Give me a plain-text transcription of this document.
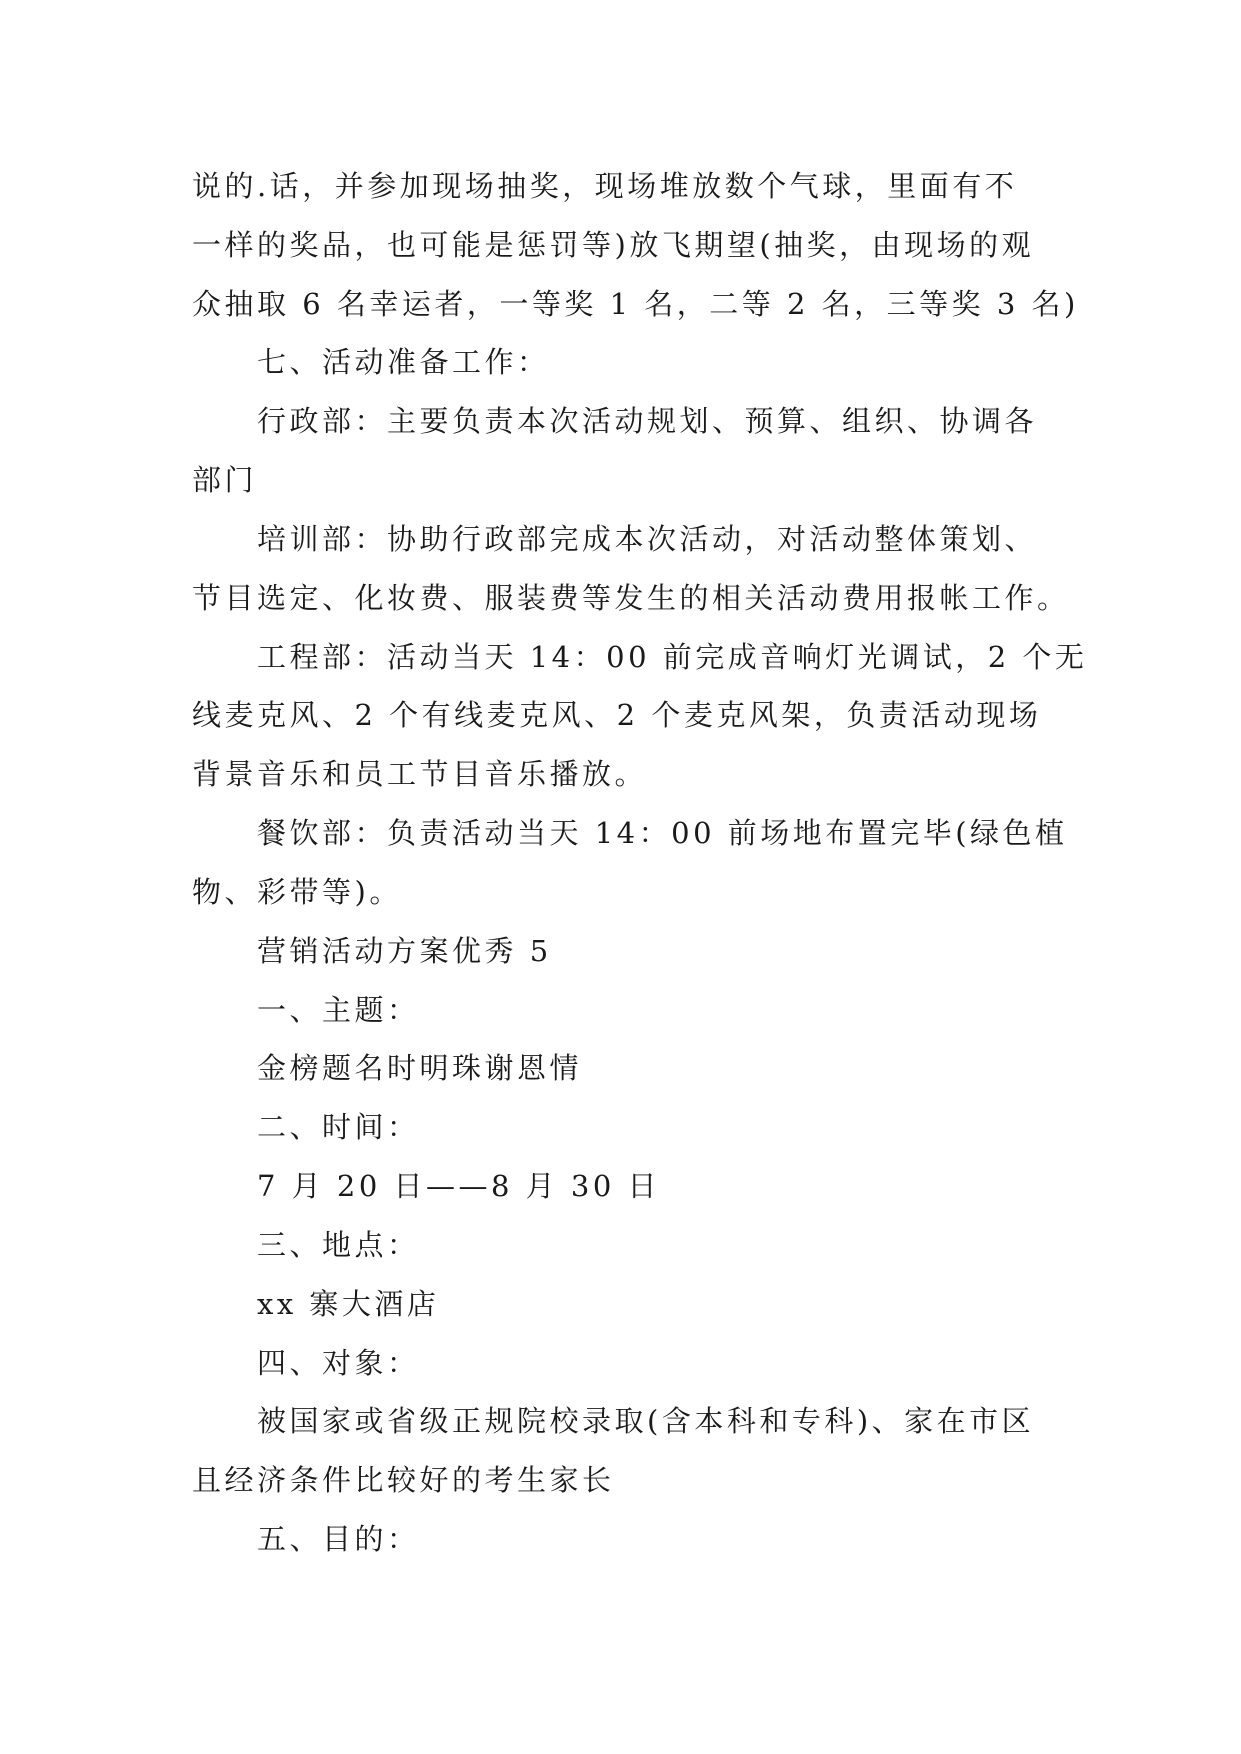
说的.话，并参加现场抽奖，现场堆放数个气球，里面有不
一样的奖品，也可能是惩罚等)放飞期望(抽奖，由现场的观
众抽取 6 名幸运者，一等奖 1 名，二等 2 名，三等奖 3 名)
七、活动准备工作：
行政部：主要负责本次活动规划、预算、组织、协调各
部门
培训部：协助行政部完成本次活动，对活动整体策划、
节目选定、化妆费、服装费等发生的相关活动费用报帐工作。
工程部：活动当天 14：00 前完成音响灯光调试，2 个无
线麦克风、2 个有线麦克风、2 个麦克风架，负责活动现场
背景音乐和员工节目音乐播放。
餐饮部：负责活动当天 14：00 前场地布置完毕(绿色植
物、彩带等)。
营销活动方案优秀 5
一、主题：
金榜题名时明珠谢恩情
二、时间：
7 月 20 日——8 月 30 日
三、地点：
xx 寨大酒店
四、对象：
被国家或省级正规院校录取(含本科和专科)、家在市区
且经济条件比较好的考生家长
五、目的：
